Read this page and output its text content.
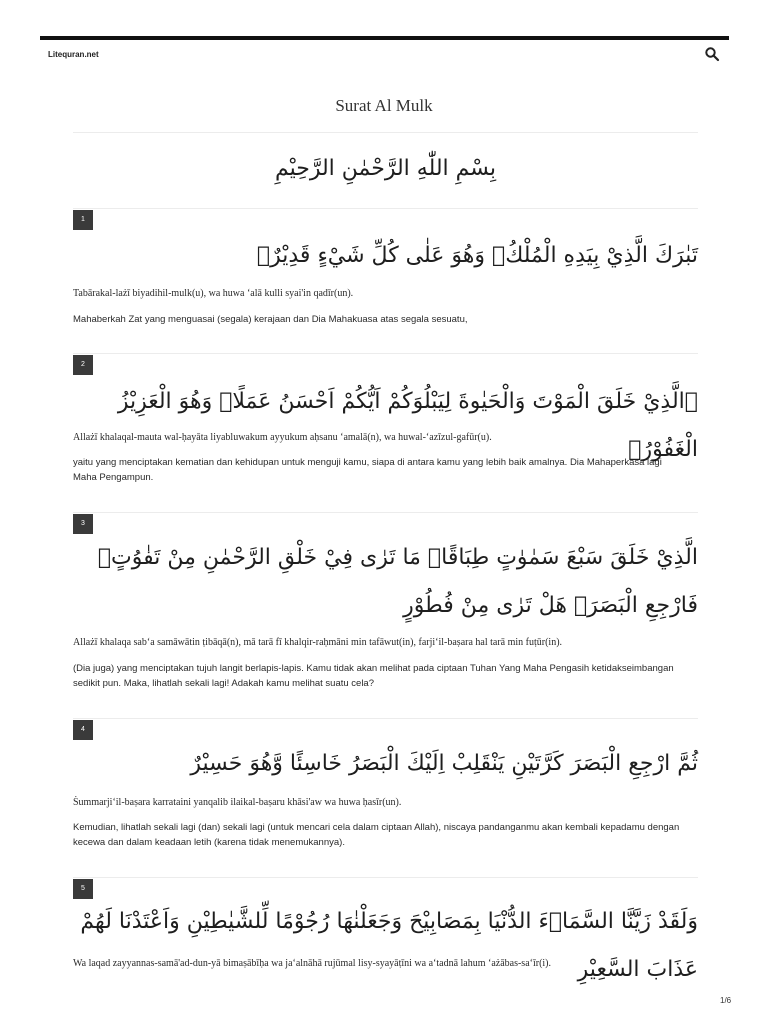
Litequran.net
Surat Al Mulk
بِسْمِ اللّٰهِ الرَّحْمٰنِ الرَّحِيْمِ
1
تَبٰرَكَ الَّذِيْ بِيَدِهِ الْمُلْكُۖ وَهُوَ عَلٰى كُلِّ شَيْءٍ قَدِيْرٌۙ
Tabārakal-lażī biyadihil-mulk(u), wa huwa ‘alā kulli syai'in qadīr(un).
Mahaberkah Zat yang menguasai (segala) kerajaan dan Dia Mahakuasa atas segala sesuatu,
2
ۨالَّذِيْ خَلَقَ الْمَوْتَ وَالْحَيٰوةَ لِيَبْلُوَكُمْ اَيُّكُمْ اَحْسَنُ عَمَلًاۗ وَهُوَ الْعَزِيْزُ الْغَفُوْرُۙ
Allażī khalaqal-mauta wal-ḥayāta liyabluwakum ayyukum aḥsanu ‘amalā(n), wa huwal-‘azīzul-gafūr(u).
yaitu yang menciptakan kematian dan kehidupan untuk menguji kamu, siapa di antara kamu yang lebih baik amalnya. Dia Mahaperkasa lagi Maha Pengampun.
3
الَّذِيْ خَلَقَ سَبْعَ سَمٰوٰتٍ طِبَاقًاۗ مَا تَرٰى فِيْ خَلْقِ الرَّحْمٰنِ مِنْ تَفٰوُتٍۗ فَارْجِعِ الْبَصَرَۙ هَلْ تَرٰى مِنْ فُطُوْرٍ
Allażī khalaqa sab‘a samāwātin ṭibāqā(n), mā tarā fī khalqir-raḥmāni min tafāwut(in), farji‘il-baṣara hal tarā min fuṭūr(in).
(Dia juga) yang menciptakan tujuh langit berlapis-lapis. Kamu tidak akan melihat pada ciptaan Tuhan Yang Maha Pengasih ketidakseimbangan sedikit pun. Maka, lihatlah sekali lagi! Adakah kamu melihat suatu cela?
4
ثُمَّ ارْجِعِ الْبَصَرَ كَرَّتَيْنِ يَنْقَلِبْ اِلَيْكَ الْبَصَرُ خَاسِئًا وَّهُوَ حَسِيْرٌ
Ṡummarji‘il-baṣara karrataini yanqalib ilaikal-baṣaru khāsi'aw wa huwa ḥasīr(un).
Kemudian, lihatlah sekali lagi (dan) sekali lagi (untuk mencari cela dalam ciptaan Allah), niscaya pandanganmu akan kembali kepadamu dengan kecewa dan dalam keadaan letih (karena tidak menemukannya).
5
وَلَقَدْ زَيَّنَّا السَّمَاۤءَ الدُّنْيَا بِمَصَابِيْحَ وَجَعَلْنٰهَا رُجُوْمًا لِّلشَّيٰطِيْنِ وَاَعْتَدْنَا لَهُمْ عَذَابَ السَّعِيْرِ
Wa laqad zayyannas-samā'ad-dun-yā bimaṣābīḥa wa ja‘alnāhā rujūmal lisy-syayāṭīni wa a‘tadnā lahum ‘ażābas-sa‘īr(i).
1/6
